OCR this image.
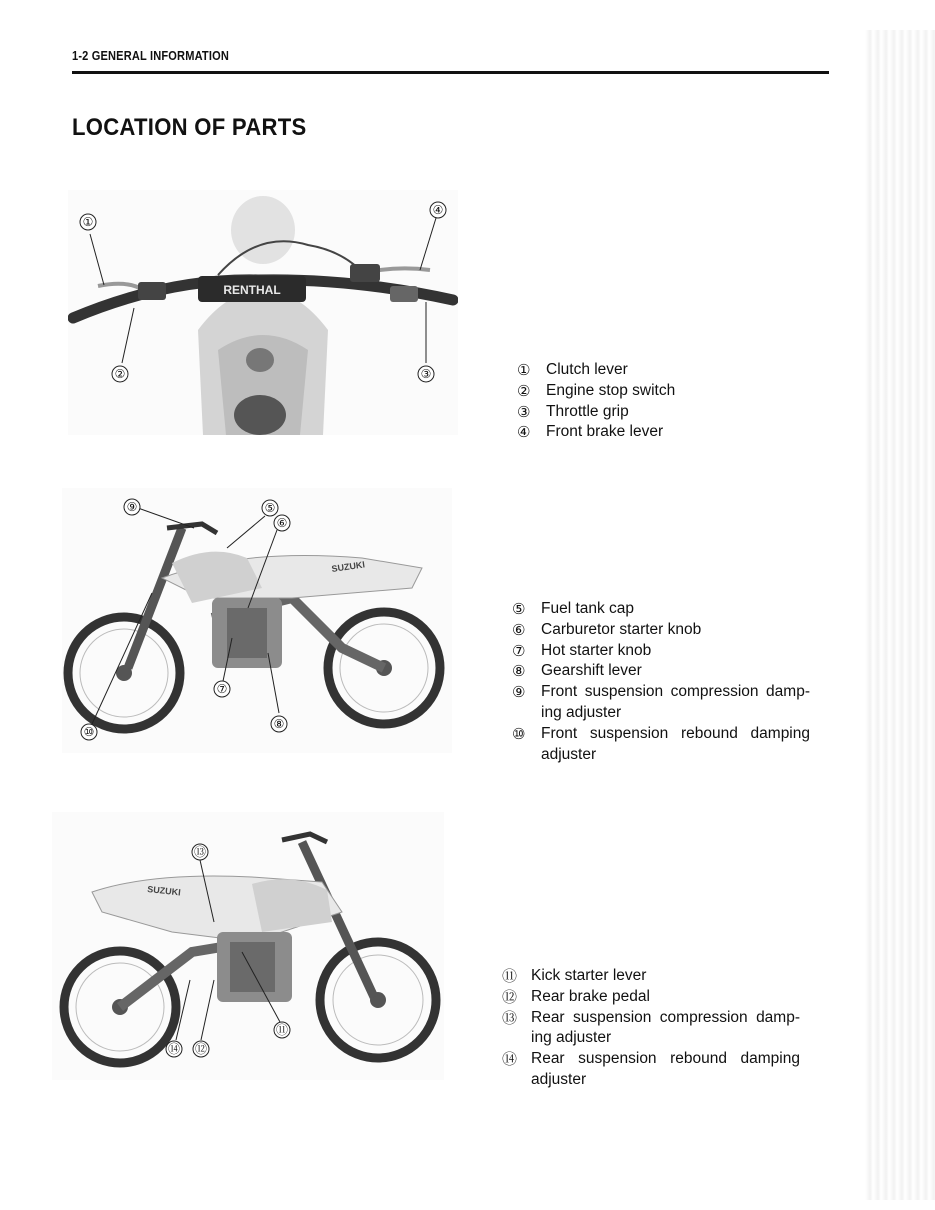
1-2 GENERAL INFORMATION
LOCATION OF PARTS
RENTHAL
①
②	③
④
SUZUKI
⑨	⑤
⑥
⑦
⑧
⑩
SUZUKI
⑬
⑪
⑭ ⑫
① Clutch lever
② Engine stop switch
③ Throttle grip
④ Front brake lever
⑤ Fuel tank cap
⑥ Carburetor starter knob
⑦ Hot starter knob
⑧ Gearshift lever
⑨ Front suspension compression damp-ing adjuster
⑩ Front suspension rebound damping adjuster
⑪ Kick starter lever
⑫ Rear brake pedal
⑬ Rear suspension compression damp-ing adjuster
⑭ Rear suspension rebound damping adjuster
